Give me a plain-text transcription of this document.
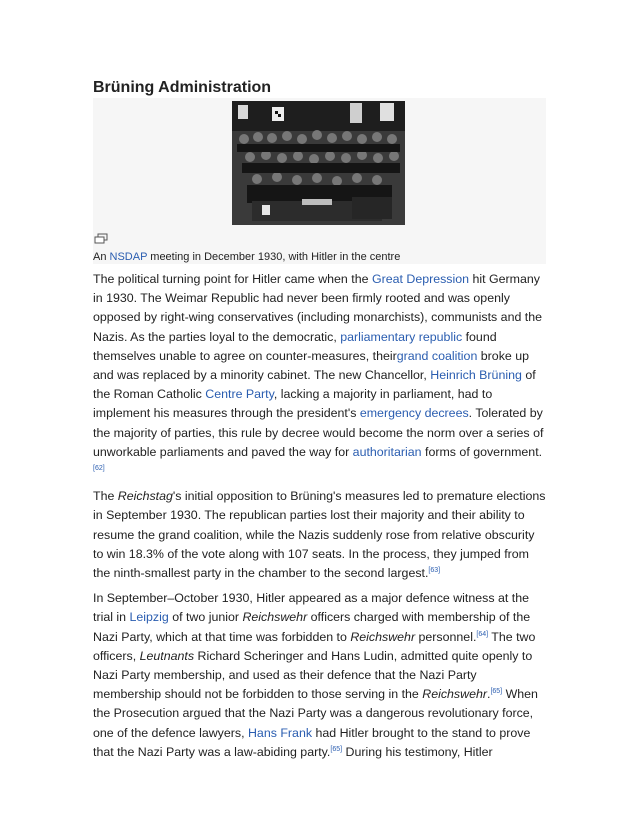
Brüning Administration
An NSDAP meeting in December 1930, with Hitler in the centre

The political turning point for Hitler came when the Great Depression hit Germany in 1930. The Weimar Republic had never been firmly rooted and was openly opposed by right-wing conservatives (including monarchists), communists and the Nazis. As the parties loyal to the democratic, parliamentary republic found themselves unable to agree on counter-measures, theirgrand coalition broke up and was replaced by a minority cabinet. The new Chancellor, Heinrich Brüning of the Roman Catholic Centre Party, lacking a majority in parliament, had to implement his measures through the president's emergency decrees. Tolerated by the majority of parties, this rule by decree would become the norm over a series of unworkable parliaments and paved the way for authoritarian forms of government.[62]

The Reichstag's initial opposition to Brüning's measures led to premature elections in September 1930. The republican parties lost their majority and their ability to resume the grand coalition, while the Nazis suddenly rose from relative obscurity to win 18.3% of the vote along with 107 seats. In the process, they jumped from the ninth-smallest party in the chamber to the second largest.[63]

In September–October 1930, Hitler appeared as a major defence witness at the trial in Leipzig of two junior Reichswehr officers charged with membership of the Nazi Party, which at that time was forbidden to Reichswehr personnel.[64] The two officers, Leutnants Richard Scheringer and Hans Ludin, admitted quite openly to Nazi Party membership, and used as their defence that the Nazi Party membership should not be forbidden to those serving in the Reichswehr.[65] When the Prosecution argued that the Nazi Party was a dangerous revolutionary force, one of the defence lawyers, Hans Frank had Hitler brought to the stand to prove that the Nazi Party was a law-abiding party.[65] During his testimony, Hitler
